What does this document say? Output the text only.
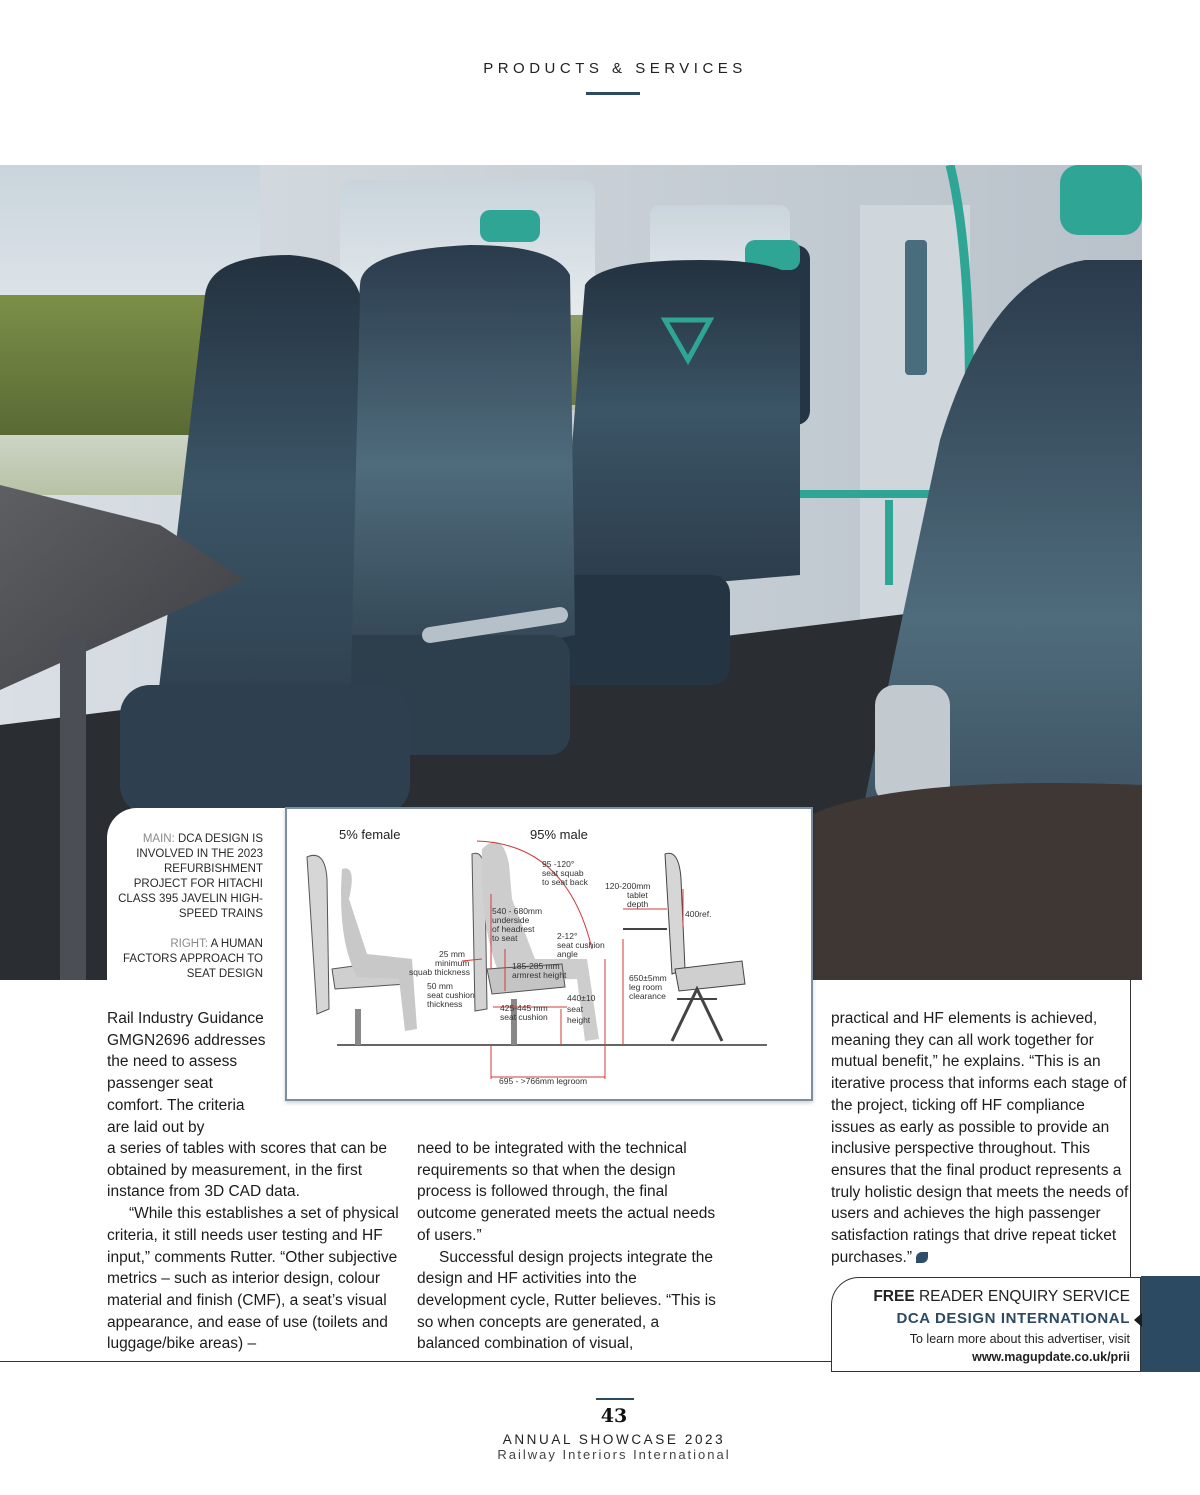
PRODUCTS & SERVICES

MAIN: DCA DESIGN IS INVOLVED IN THE 2023 REFURBISHMENT PROJECT FOR HITACHI CLASS 395 JAVELIN HIGH-SPEED TRAINS

RIGHT: A HUMAN FACTORS APPROACH TO SEAT DESIGN

5% female	95% male
95 -120° seat squab to seat back
540 - 680mm underside of headrest to seat
120-200mm tablet depth
400ref.
2-12° seat cushion angle
25 mm minimum squab thickness
185-285 mm armrest height
50 mm seat cushion thickness
440±10 seat height
650±5mm leg room clearance
425-445 mm seat cushion
695 - >766mm legroom

Rail Industry Guidance GMGN2696 addresses the need to assess passenger seat comfort. The criteria are laid out by

a series of tables with scores that can be obtained by measurement, in the first instance from 3D CAD data.

“While this establishes a set of physical criteria, it still needs user testing and HF input,” comments Rutter. “Other subjective metrics – such as interior design, colour material and finish (CMF), a seat’s visual appearance, and ease of use (toilets and luggage/bike areas) –

need to be integrated with the technical requirements so that when the design process is followed through, the final outcome generated meets the actual needs of users.”

Successful design projects integrate the design and HF activities into the development cycle, Rutter believes. “This is so when concepts are generated, a balanced combination of visual,

practical and HF elements is achieved, meaning they can all work together for mutual benefit,” he explains. “This is an iterative process that informs each stage of the project, ticking off HF compliance issues as early as possible to provide an inclusive perspective throughout. This ensures that the final product represents a truly holistic design that meets the needs of users and achieves the high passenger satisfaction ratings that drive repeat ticket purchases.”

FREE READER ENQUIRY SERVICE
DCA DESIGN INTERNATIONAL
To learn more about this advertiser, visit
www.magupdate.co.uk/prii
43
ANNUAL SHOWCASE 2023
Railway Interiors International
